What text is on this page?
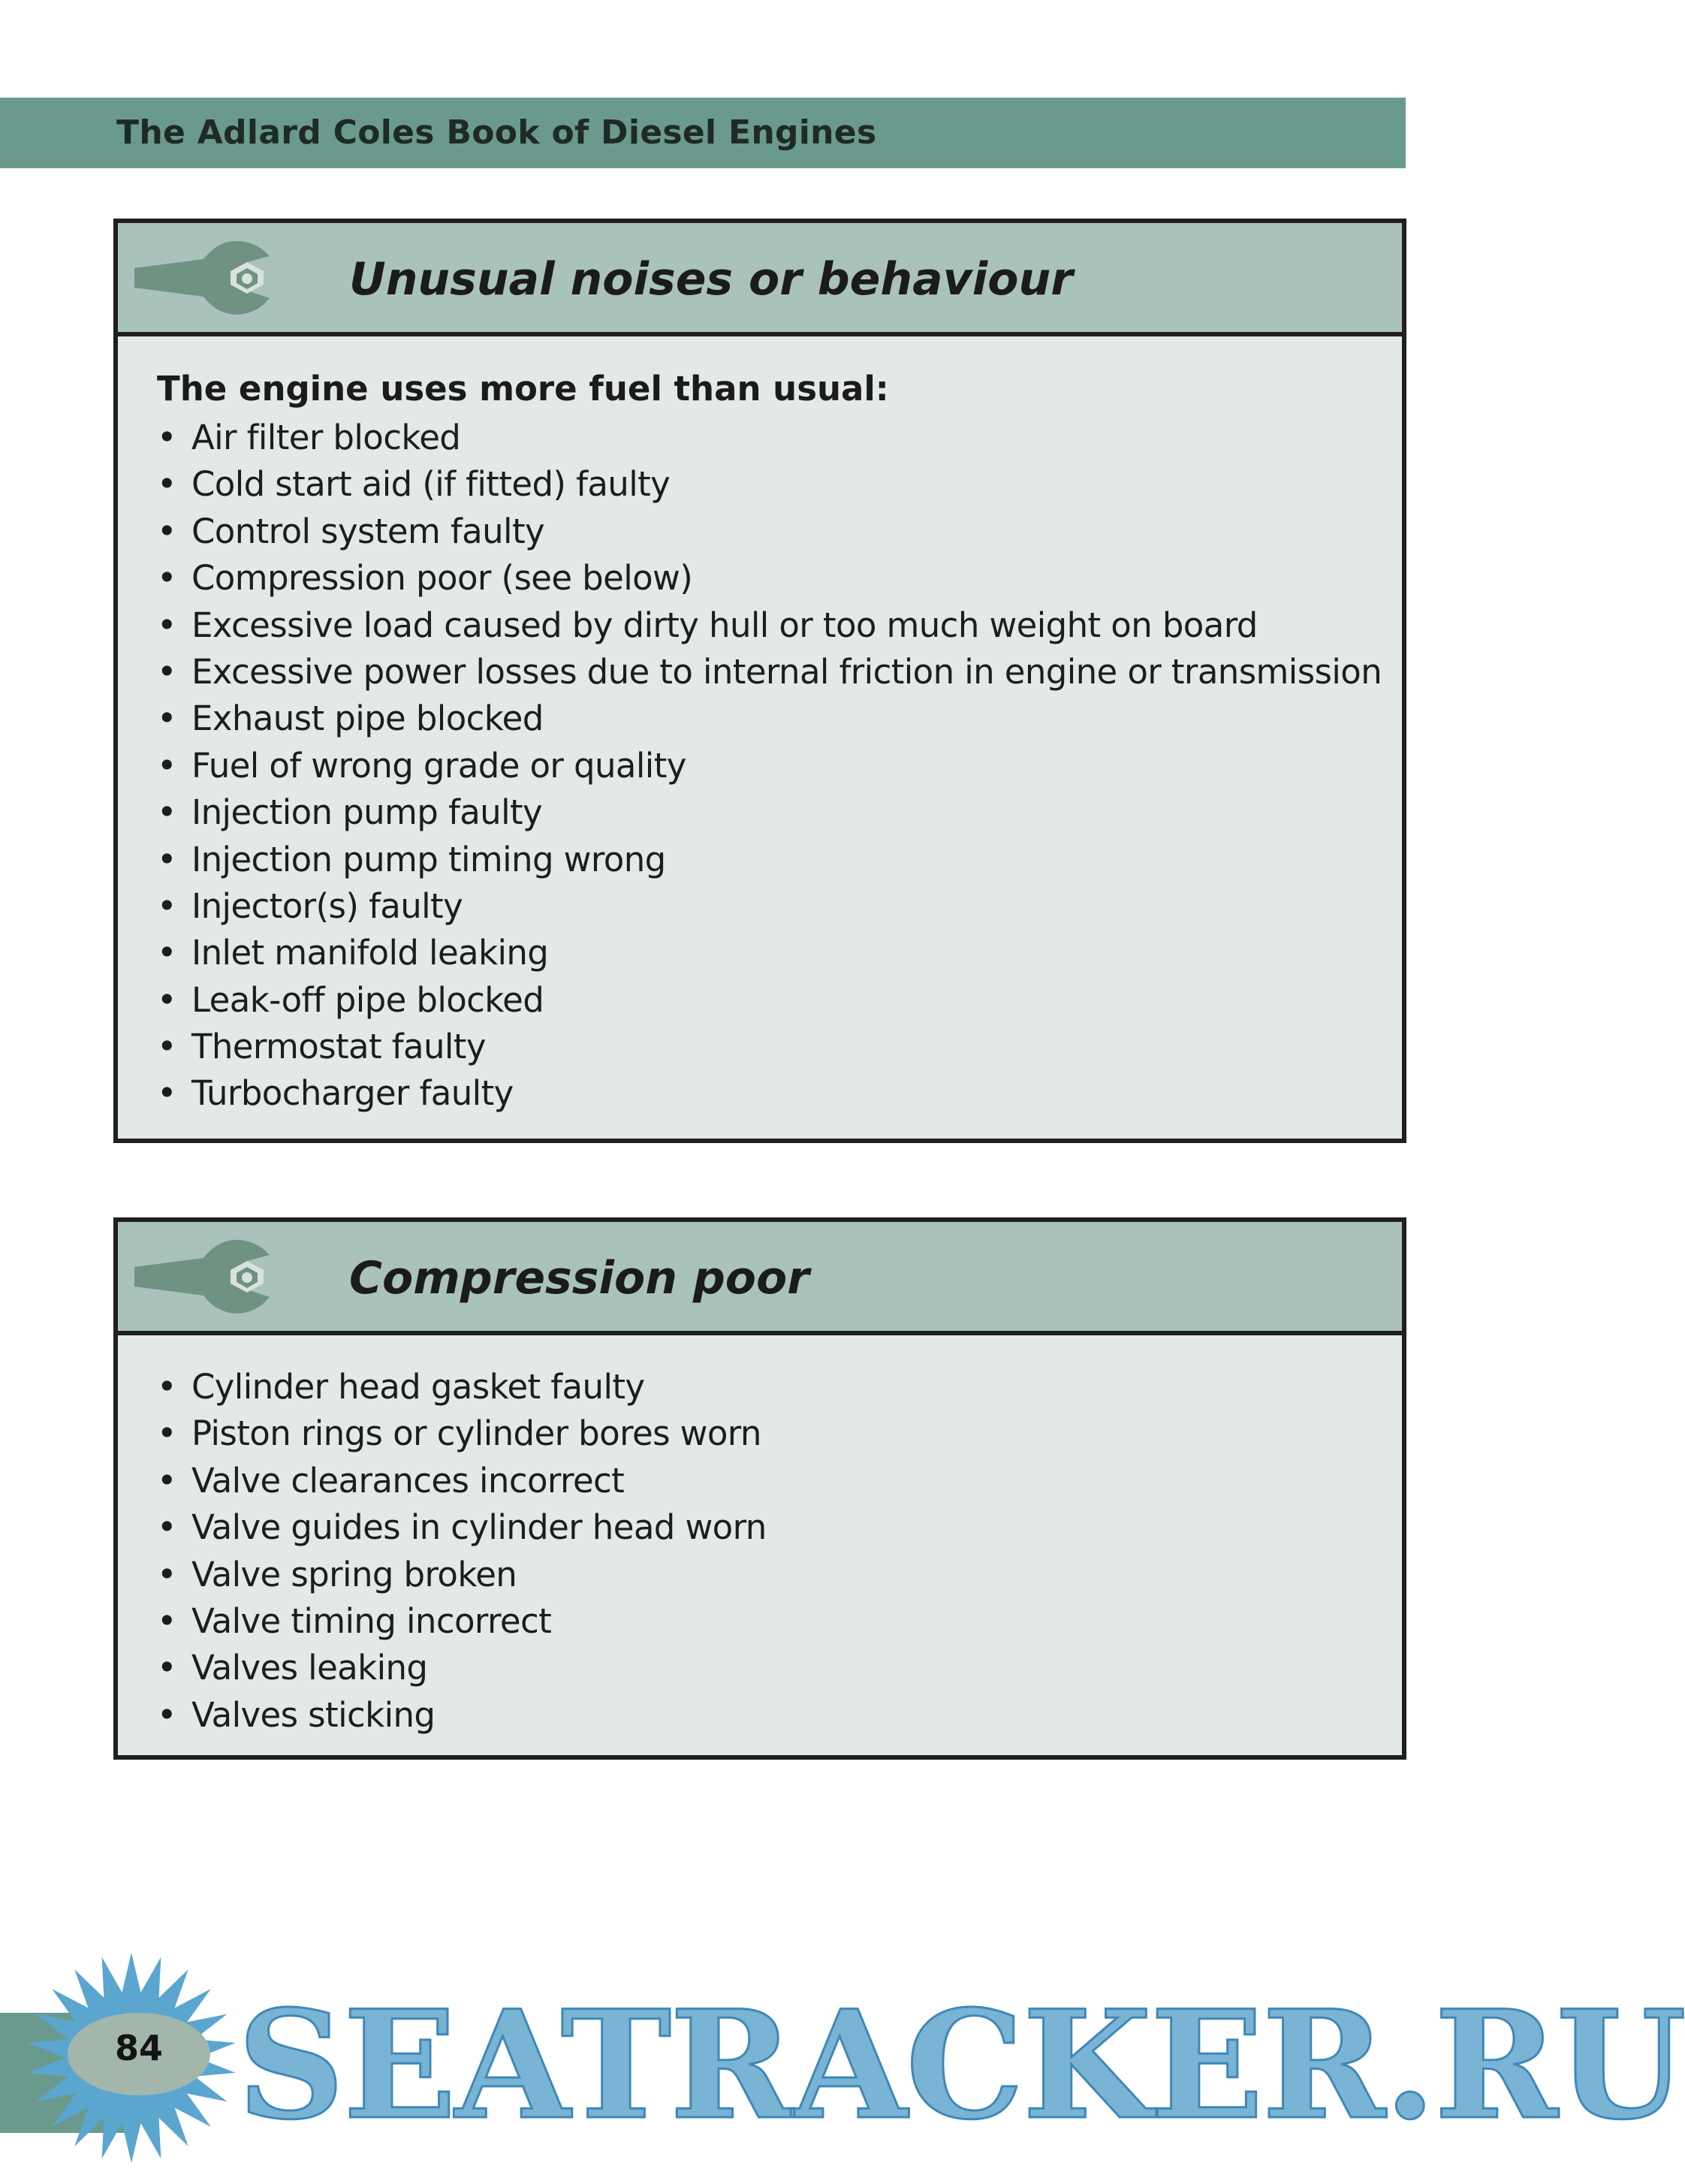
The Adlard Coles Book of Diesel Engines
Unusual noises or behaviour
The engine uses more fuel than usual:
• Air filter blocked
• Cold start aid (if fitted) faulty
• Control system faulty
• Compression poor (see below)
• Excessive load caused by dirty hull or too much weight on board
• Excessive power losses due to internal friction in engine or transmission
• Exhaust pipe blocked
• Fuel of wrong grade or quality
• Injection pump faulty
• Injection pump timing wrong
• Injector(s) faulty
• Inlet manifold leaking
• Leak-off pipe blocked
• Thermostat faulty
• Turbocharger faulty
Compression poor
• Cylinder head gasket faulty
• Piston rings or cylinder bores worn
• Valve clearances incorrect
• Valve guides in cylinder head worn
• Valve spring broken
• Valve timing incorrect
• Valves leaking
• Valves sticking
84 SEATRACKER.RU
